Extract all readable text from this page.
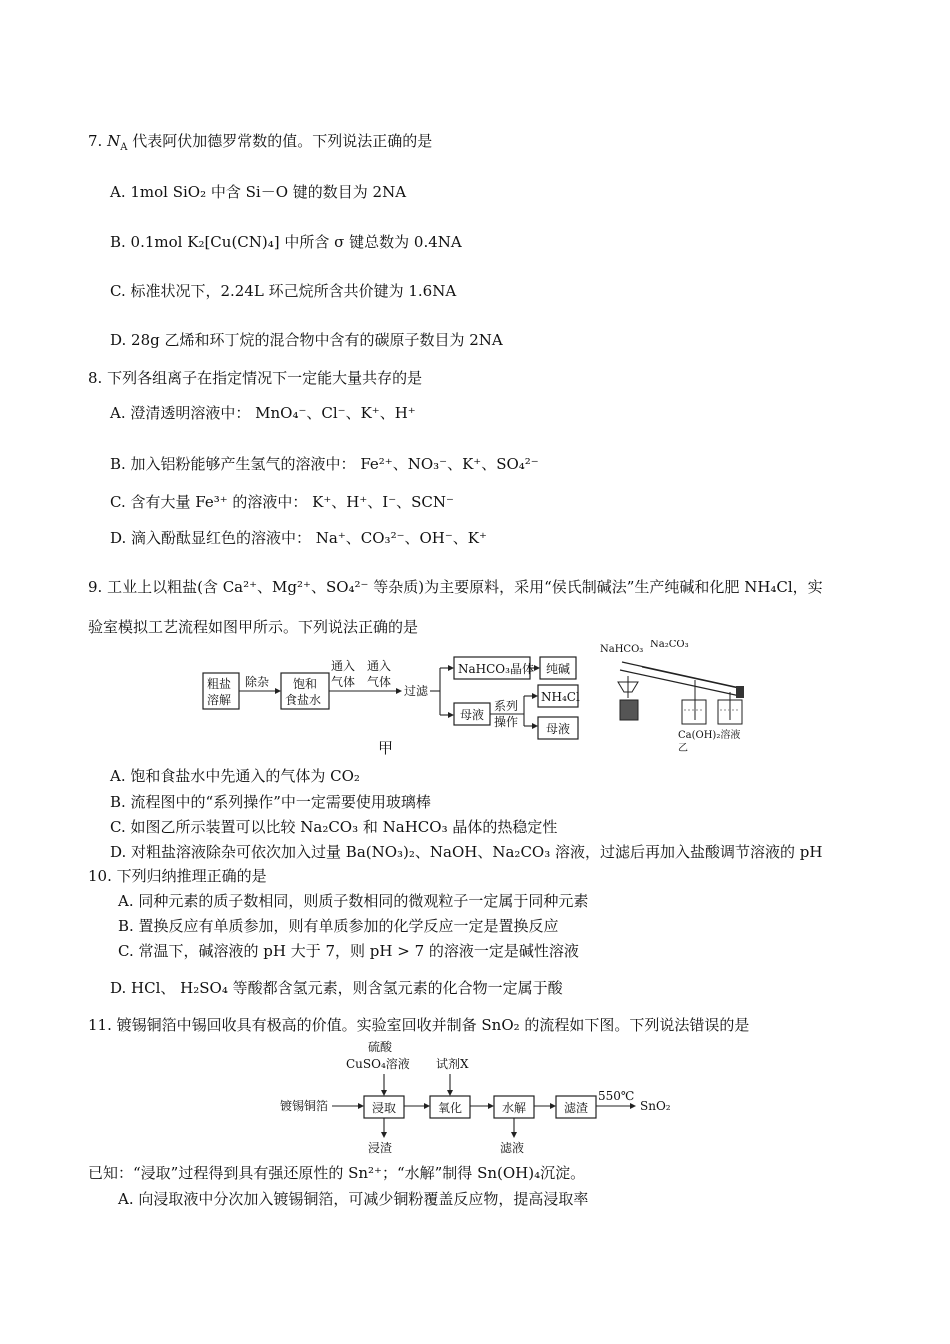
7. $N_A$ 代表阿伏加德罗常数的值。下列说法正确的是
A. 1mol SiO₂ 中含 Si－O 键的数目为 2NA
B. 0.1mol K₂[Cu(CN)₄] 中所含 σ 键总数为 0.4NA
C. 标准状况下，2.24L 环己烷所含共价键为 1.6NA
D. 28g 乙烯和环丁烷的混合物中含有的碳原子数目为 2NA
8. 下列各组离子在指定情况下一定能大量共存的是
A. 澄清透明溶液中： MnO₄⁻、Cl⁻、K⁺、H⁺
B. 加入铝粉能够产生氢气的溶液中： Fe²⁺、NO₃⁻、K⁺、SO₄²⁻
C. 含有大量 Fe³⁺ 的溶液中： K⁺、H⁺、I⁻、SCN⁻
D. 滴入酚酞显红色的溶液中： Na⁺、CO₃²⁻、OH⁻、K⁺
9. 工业上以粗盐(含 Ca²⁺、Mg²⁺、SO₄²⁻ 等杂质)为主要原料，采用“侯氏制碱法”生产纯碱和化肥 NH₄Cl，实
验室模拟工艺流程如图甲所示。下列说法正确的是
粗盐
溶解
除杂 饱和
食盐水
通入
气体
通入
气体
过滤
NaHCO₃晶体 纯碱
母液
系列
操作
NH₄Cl
母液
甲
NaHCO₃ Na₂CO₃
Ca(OH)₂溶液
乙
A. 饱和食盐水中先通入的气体为 CO₂
B. 流程图中的“系列操作”中一定需要使用玻璃棒
C. 如图乙所示装置可以比较 Na₂CO₃ 和 NaHCO₃ 晶体的热稳定性
D. 对粗盐溶液除杂可依次加入过量 Ba(NO₃)₂、NaOH、Na₂CO₃ 溶液，过滤后再加入盐酸调节溶液的 pH
10. 下列归纳推理正确的是
A. 同种元素的质子数相同，则质子数相同的微观粒子一定属于同种元素
B. 置换反应有单质参加，则有单质参加的化学反应一定是置换反应
C. 常温下，碱溶液的 pH 大于 7，则 pH > 7 的溶液一定是碱性溶液
D. HCl、 H₂SO₄ 等酸都含氢元素，则含氢元素的化合物一定属于酸
11. 镀锡铜箔中锡回收具有极高的价值。实验室回收并制备 SnO₂ 的流程如下图。下列说法错误的是
硫酸
CuSO₄溶液 试剂X
镀锡铜箔	浸取	氧化	水解	滤渣
550℃
SnO₂
浸渣	滤液
已知：“浸取”过程得到具有强还原性的 Sn²⁺；“水解”制得 Sn(OH)₄沉淀。
A. 向浸取液中分次加入镀锡铜箔，可减少铜粉覆盖反应物，提高浸取率
